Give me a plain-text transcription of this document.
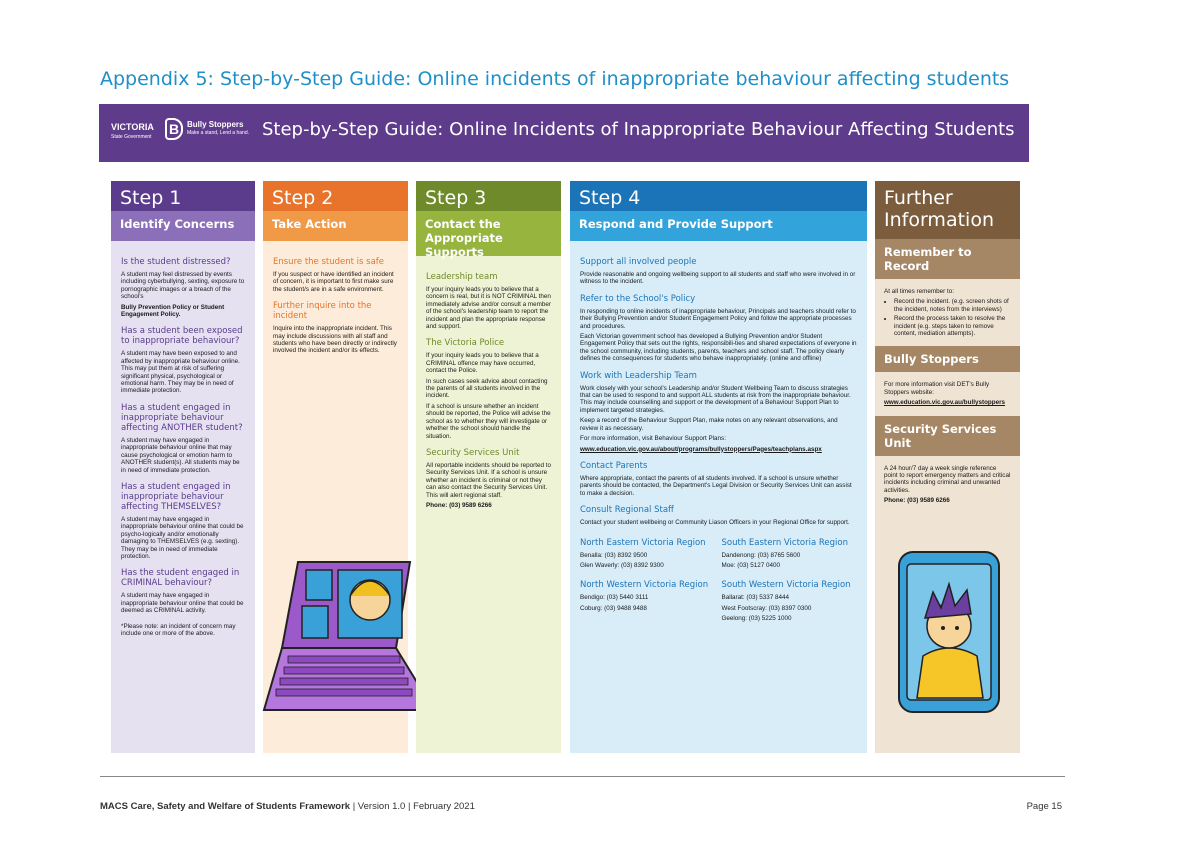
Appendix 5: Step-by-Step Guide: Online incidents of inappropriate behaviour affecting students
VICTORIA
State Government B Bully Stoppers
Make a stand, Lend a hand. Step-by-Step Guide: Online Incidents of Inappropriate Behaviour Affecting Students
Step 1
Identify Concerns
Is the student distressed?

A student may feel distressed by events including cyberbullying, sexting, exposure to pornographic images or a breach of the school's

Bully Prevention Policy or Student Engagement Policy.

Has a student been exposed to inappropriate behaviour?

A student may have been exposed to and affected by inappropriate behaviour online. This may put them at risk of suffering significant physical, psychological or emotional harm. They may be in need of immediate protection.

Has a student engaged in inappropriate behaviour affecting ANOTHER student?

A student may have engaged in inappropriate behaviour online that may cause psychological or emotion harm to ANOTHER student(s). All students may be in need of immediate protection.

Has a student engaged in inappropriate behaviour affecting THEMSELVES?

A student may have engaged in inappropriate behaviour online that could be psycho-logically and/or emotionally damaging to THEMSELVES (e.g. sexting). They may be in need of immediate protection.

Has the student engaged in CRIMINAL behaviour?

A student may have engaged in inappropriate behaviour online that could be deemed as CRIMINAL activity.

*Please note: an incident of concern may include one or more of the above.

Step 2
Take Action
Ensure the student is safe

If you suspect or have identified an incident of concern, it is important to first make sure the student/s are in a safe environment.

Further inquire into the incident

Inquire into the inappropriate incident. This may include discussions with all staff and students who have been directly or indirectly involved the incident and/or its effects.

Step 3
Contact the Appropriate Supports
Leadership team

If your inquiry leads you to believe that a concern is real, but it is NOT CRIMINAL then immediately advise and/or consult a member of the school's leadership team to report the incident and plan the appropriate response and support.

The Victoria Police

If your inquiry leads you to believe that a CRIMINAL offence may have occurred, contact the Police.

In such cases seek advice about contacting the parents of all students involved in the incident.

If a school is unsure whether an incident should be reported, the Police will advise the school as to whether they will investigate or whether the school should handle the situation.

Security Services Unit

All reportable incidents should be reported to Security Services Unit. If a school is unsure whether an incident is criminal or not they can also contact the Security Services Unit. This will alert regional staff.

Phone: (03) 9589 6266

Step 4
Respond and Provide Support
Support all involved people

Provide reasonable and ongoing wellbeing support to all students and staff who were involved in or witness to the incident.

Refer to the School's Policy

In responding to online incidents of inappropriate behaviour, Principals and teachers should refer to their Bullying Prevention and/or Student Engagement Policy and follow the appropriate processes and procedures.

Each Victorian government school has developed a Bullying Prevention and/or Student Engagement Policy that sets out the rights, responsibili-ties and shared expectations of everyone in the school community, including students, parents, teachers and school staff. The policy clearly defines the consequences for students who behave inappropriately. (online and offline)

Work with Leadership Team

Work closely with your school's Leadership and/or Student Wellbeing Team to discuss strategies that can be used to respond to and support ALL students at risk from the inappropriate behaviour. This may include counselling and support or the development of a Behaviour Support Plan to implement targeted strategies.

Keep a record of the Behaviour Support Plan, make notes on any relevant observations, and review it as necessary.

For more information, visit Behaviour Support Plans:

www.education.vic.gov.au/about/programs/bullystoppers/Pages/teachplans.aspx

Contact Parents

Where appropriate, contact the parents of all students involved. If a school is unsure whether parents should be contacted, the Department's Legal Division or Security Services Unit can assist to make a decision.

Consult Regional Staff

Contact your student wellbeing or Community Liason Officers in your Regional Office for support.

North Eastern Victoria Region

Benalla: (03) 8392 9500

Glen Waverly: (03) 8392 9300

South Eastern Victoria Region

Dandenong: (03) 8765 5600

Moe: (03) 5127 0400

North Western Victoria Region

Bendigo: (03) 5440 3111

Coburg: (03) 9488 9488

South Western Victoria Region

Ballarat: (03) 5337 8444

West Footscray: (03) 8397 0300

Geelong: (03) 5225 1000

Further Information
Remember to Record

At all times remember to:

• Record the incident. (e.g. screen shots of the incident, notes from the interviews)
• Record the process taken to resolve the incident (e.g. steps taken to remove content, mediation attempts).
Bully Stoppers

For more information visit DET's Bully Stoppers website:

www.education.vic.gov.au/bullystoppers

Security Services Unit

A 24 hour/7 day a week single reference point to report emergency matters and critical incidents including criminal and unwanted activities.

Phone: (03) 9589 6266

MACS Care, Safety and Welfare of Students Framework | Version 1.0 | February 2021	Page 15
